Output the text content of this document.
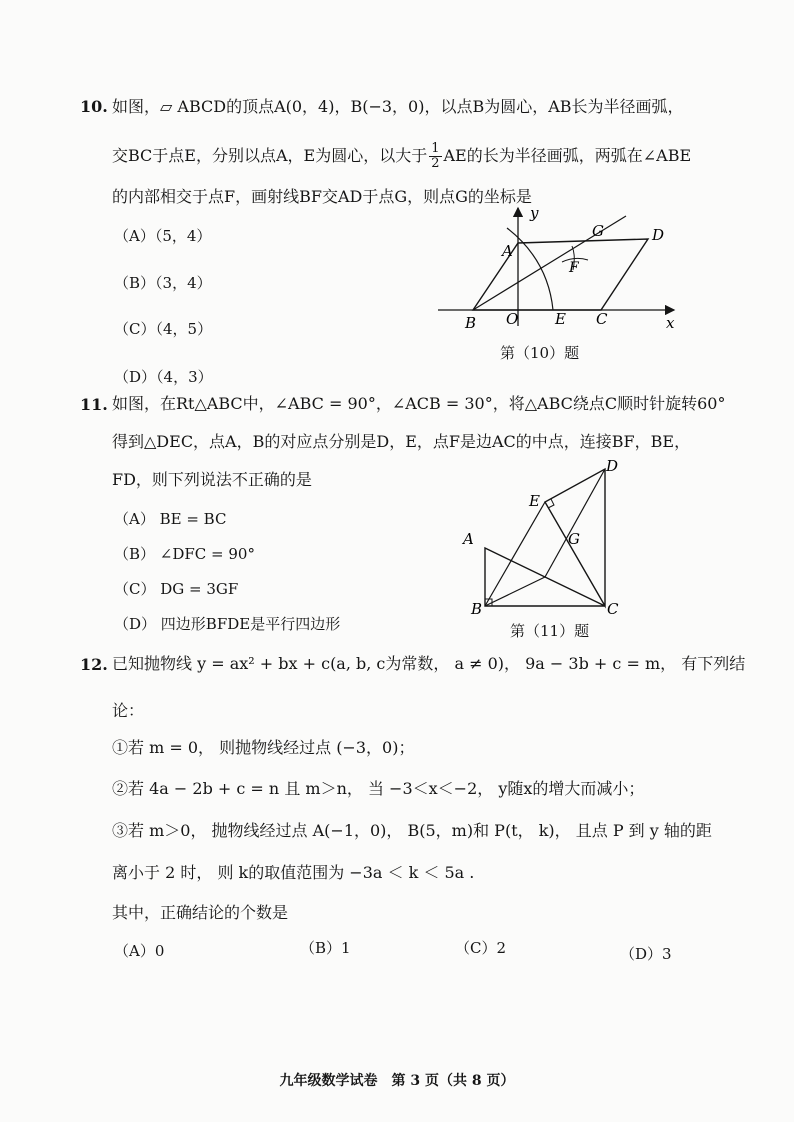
10. 如图，▱ ABCD的顶点A(0，4)，B(−3，0)，以点B为圆心，AB长为半径画弧，
交BC于点E，分别以点A，E为圆心，以大于 $\frac{1}{2}$ AE的长为半径画弧，两弧在∠ABE
的内部相交于点F，画射线BF交AD于点G，则点G的坐标是
（A）（5，4）
（B）（3，4）
（C）（4，5）
（D）（4，3）
y
x
A
G	D
F
B O E C
第（10）题
11. 如图，在Rt△ABC中，∠ABC = 90°，∠ACB = 30°，将△ABC绕点C顺时针旋转60°
得到△DEC，点A，B的对应点分别是D，E，点F是边AC的中点，连接BF，BE，
FD，则下列说法不正确的是
（A） BE = BC
（B） ∠DFC = 90°
（C） DG = 3GF
（D） 四边形BFDE是平行四边形
D
E
G
A
B	C
第（11）题
12. 已知抛物线 y = ax² + bx + c(a, b, c为常数， a ≠ 0)， 9a − 3b + c = m， 有下列结
论：
①若 m = 0， 则抛物线经过点 (−3，0)；
②若 4a − 2b + c = n 且 m＞n， 当 −3＜x＜−2， y随x的增大而减小；
③若 m＞0， 抛物线经过点 A(−1，0)， B(5，m)和 P(t， k)， 且点 P 到 y 轴的距
离小于 2 时， 则 k的取值范围为 −3a ＜ k ＜ 5a .
其中，正确结论的个数是
（A）0	（B）1	（C）2	（D）3
九年级数学试卷　第 3 页（共 8 页）
